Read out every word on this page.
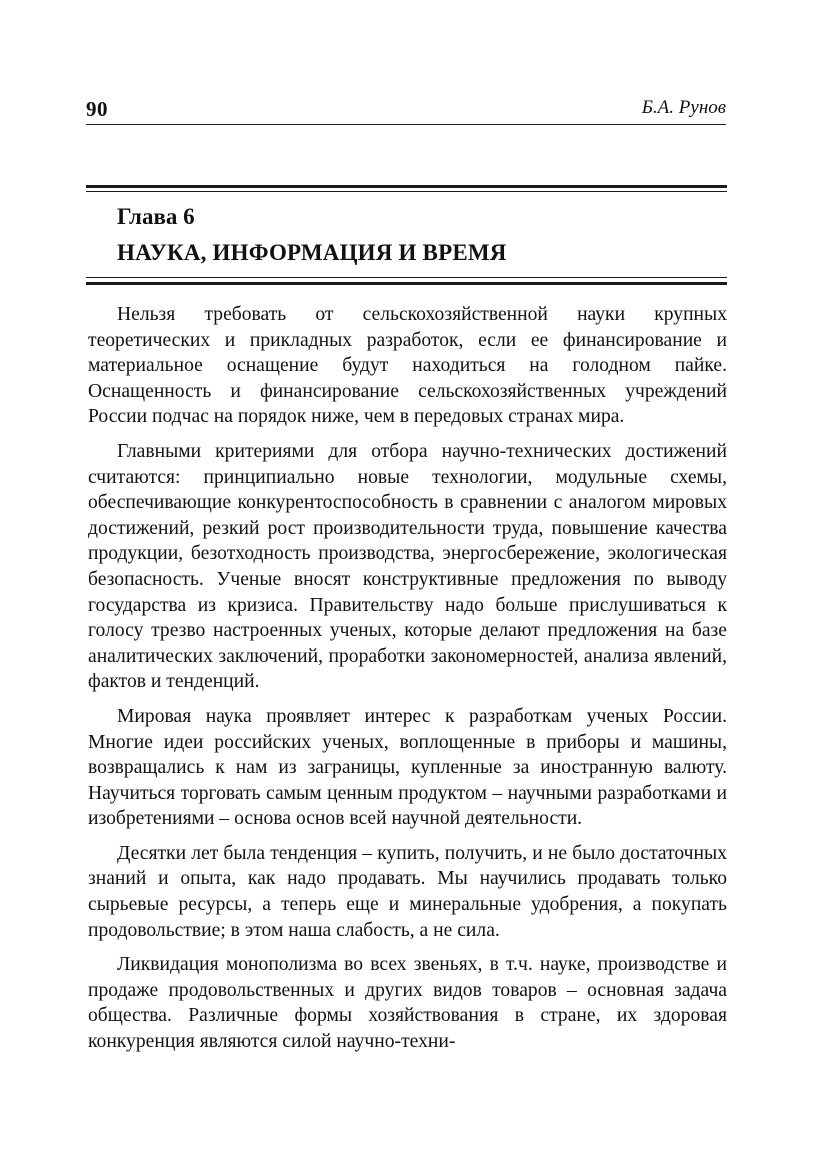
90	Б.А. Рунов
Глава 6
НАУКА, ИНФОРМАЦИЯ И ВРЕМЯ

Нельзя требовать от сельскохозяйственной науки крупных теоретических и прикладных разработок, если ее финансирование и материальное оснащение будут находиться на голодном пайке. Оснащенность и финансирование сельскохозяйственных учреждений России подчас на порядок ниже, чем в передовых странах мира.

Главными критериями для отбора научно-технических достижений считаются: принципиально новые технологии, модульные схемы, обеспечивающие конкурентоспособность в сравнении с аналогом мировых достижений, резкий рост производительности труда, повышение качества продукции, безотходность производства, энергосбережение, экологическая безопасность. Ученые вносят конструктивные предложения по выводу государства из кризиса. Правительству надо больше прислушиваться к голосу трезво настроенных ученых, которые делают предложения на базе аналитических заключений, проработки закономерностей, анализа явлений, фактов и тенденций.

Мировая наука проявляет интерес к разработкам ученых России. Многие идеи российских ученых, воплощенные в приборы и машины, возвращались к нам из заграницы, купленные за иностранную валюту. Научиться торговать самым ценным продуктом – научными разработками и изобретениями – основа основ всей научной деятельности.

Десятки лет была тенденция – купить, получить, и не было достаточных знаний и опыта, как надо продавать. Мы научились продавать только сырьевые ресурсы, а теперь еще и минеральные удобрения, а покупать продовольствие; в этом наша слабость, а не сила.

Ликвидация монополизма во всех звеньях, в т.ч. науке, производстве и продаже продовольственных и других видов товаров – основная задача общества. Различные формы хозяйствования в стране, их здоровая конкуренция являются силой научно-техни-
